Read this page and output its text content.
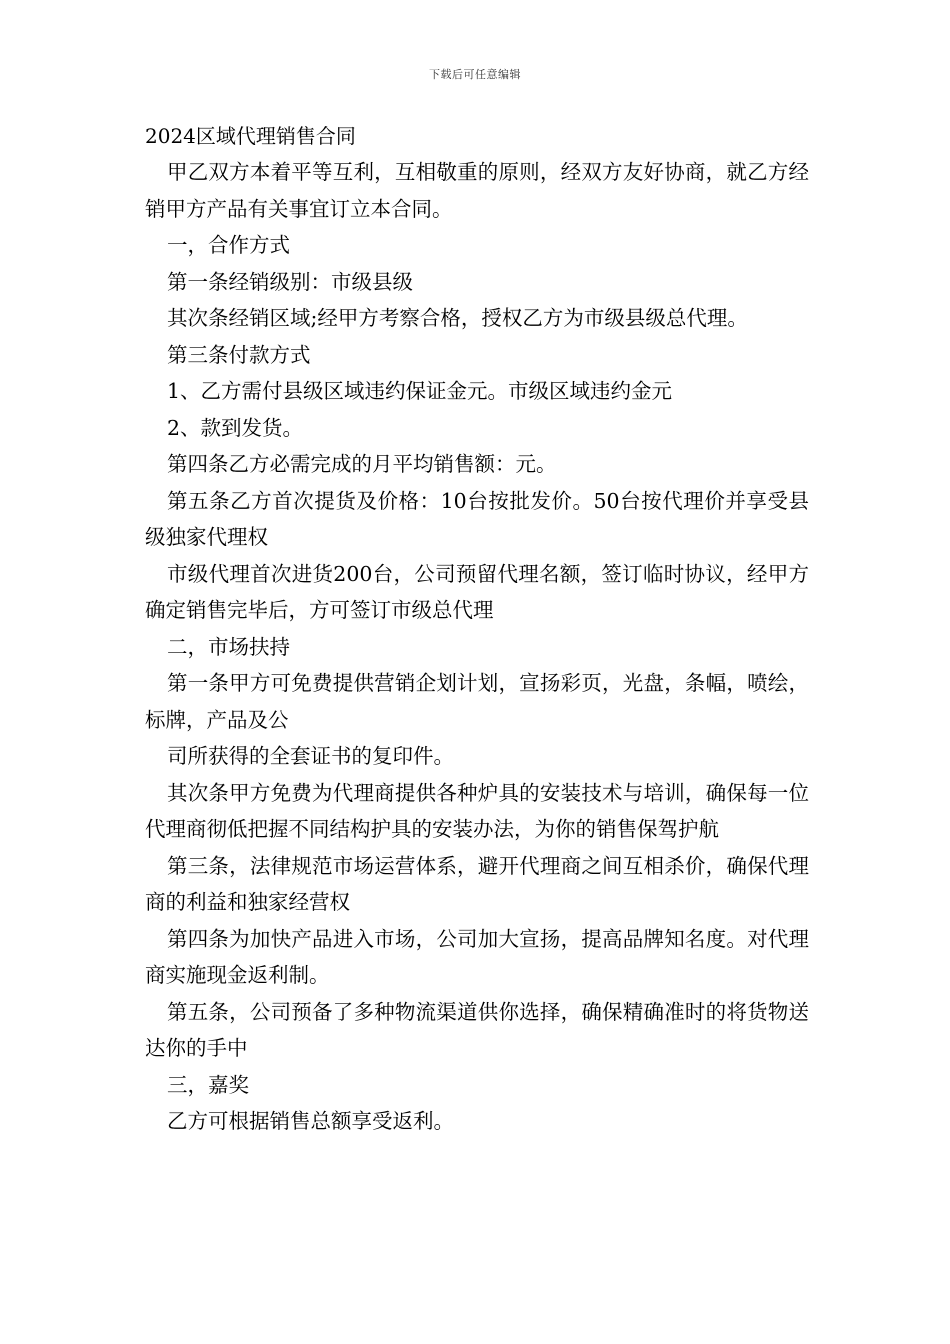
下载后可任意编辑
2024区域代理销售合同

甲乙双方本着平等互利，互相敬重的原则，经双方友好协商，就乙方经销甲方产品有关事宜订立本合同。

一，合作方式

第一条经销级别：市级县级

其次条经销区域;经甲方考察合格，授权乙方为市级县级总代理。

第三条付款方式

1、乙方需付县级区域违约保证金元。市级区域违约金元

2、款到发货。

第四条乙方必需完成的月平均销售额：元。

第五条乙方首次提货及价格：10台按批发价。50台按代理价并享受县级独家代理权

市级代理首次进货200台，公司预留代理名额，签订临时协议，经甲方确定销售完毕后，方可签订市级总代理

二，市场扶持

第一条甲方可免费提供营销企划计划，宣扬彩页，光盘，条幅，喷绘，标牌，产品及公

司所获得的全套证书的复印件。

其次条甲方免费为代理商提供各种炉具的安装技术与培训，确保每一位代理商彻低把握不同结构护具的安装办法，为你的销售保驾护航

第三条，法律规范市场运营体系，避开代理商之间互相杀价，确保代理商的利益和独家经营权

第四条为加快产品进入市场，公司加大宣扬，提高品牌知名度。对代理商实施现金返利制。

第五条，公司预备了多种物流渠道供你选择，确保精确准时的将货物送达你的手中

三，嘉奖

乙方可根据销售总额享受返利。
